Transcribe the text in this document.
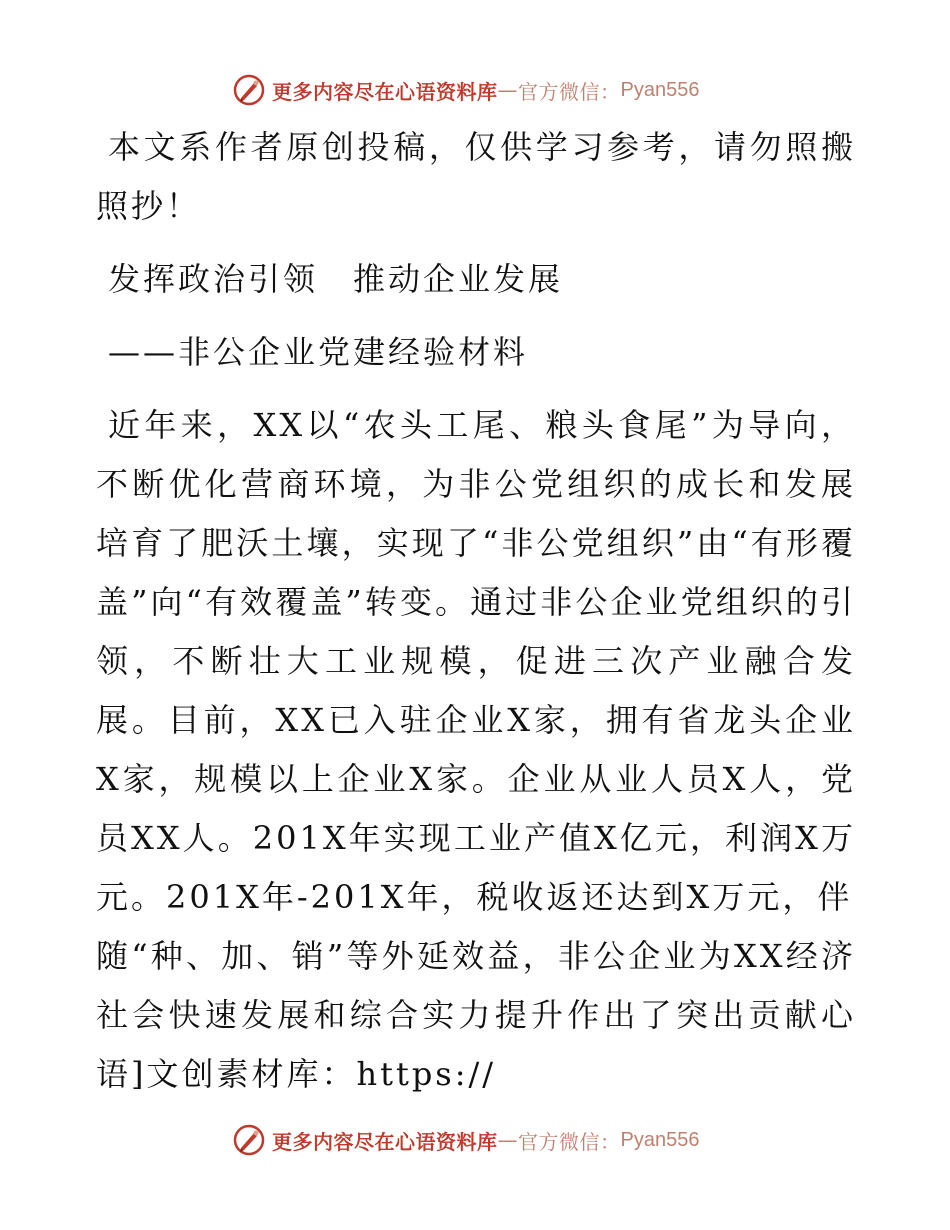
更多内容尽在心语资料库 — 官方微信： Pyan556

本文系作者原创投稿，仅供学习参考，请勿照搬照抄！

发挥政治引领　推动企业发展

——非公企业党建经验材料

近年来，XX以“农头工尾、粮头食尾”为导向，不断优化营商环境，为非公党组织的成长和发展培育了肥沃土壤，实现了“非公党组织”由“有形覆盖”向“有效覆盖”转变。通过非公企业党组织的引领，不断壮大工业规模，促进三次产业融合发展。目前，XX已入驻企业X家，拥有省龙头企业X家，规模以上企业X家。企业从业人员X人，党员XX人。201X年实现工业产值X亿元，利润X万元。201X年-201X年，税收返还达到X万元，伴

随“种、加、销”等外延效益，非公企业为XX经济社会快速发展和综合实力提升作出了突出贡献心语]文创素材库：https://

更多内容尽在心语资料库 — 官方微信： Pyan556
